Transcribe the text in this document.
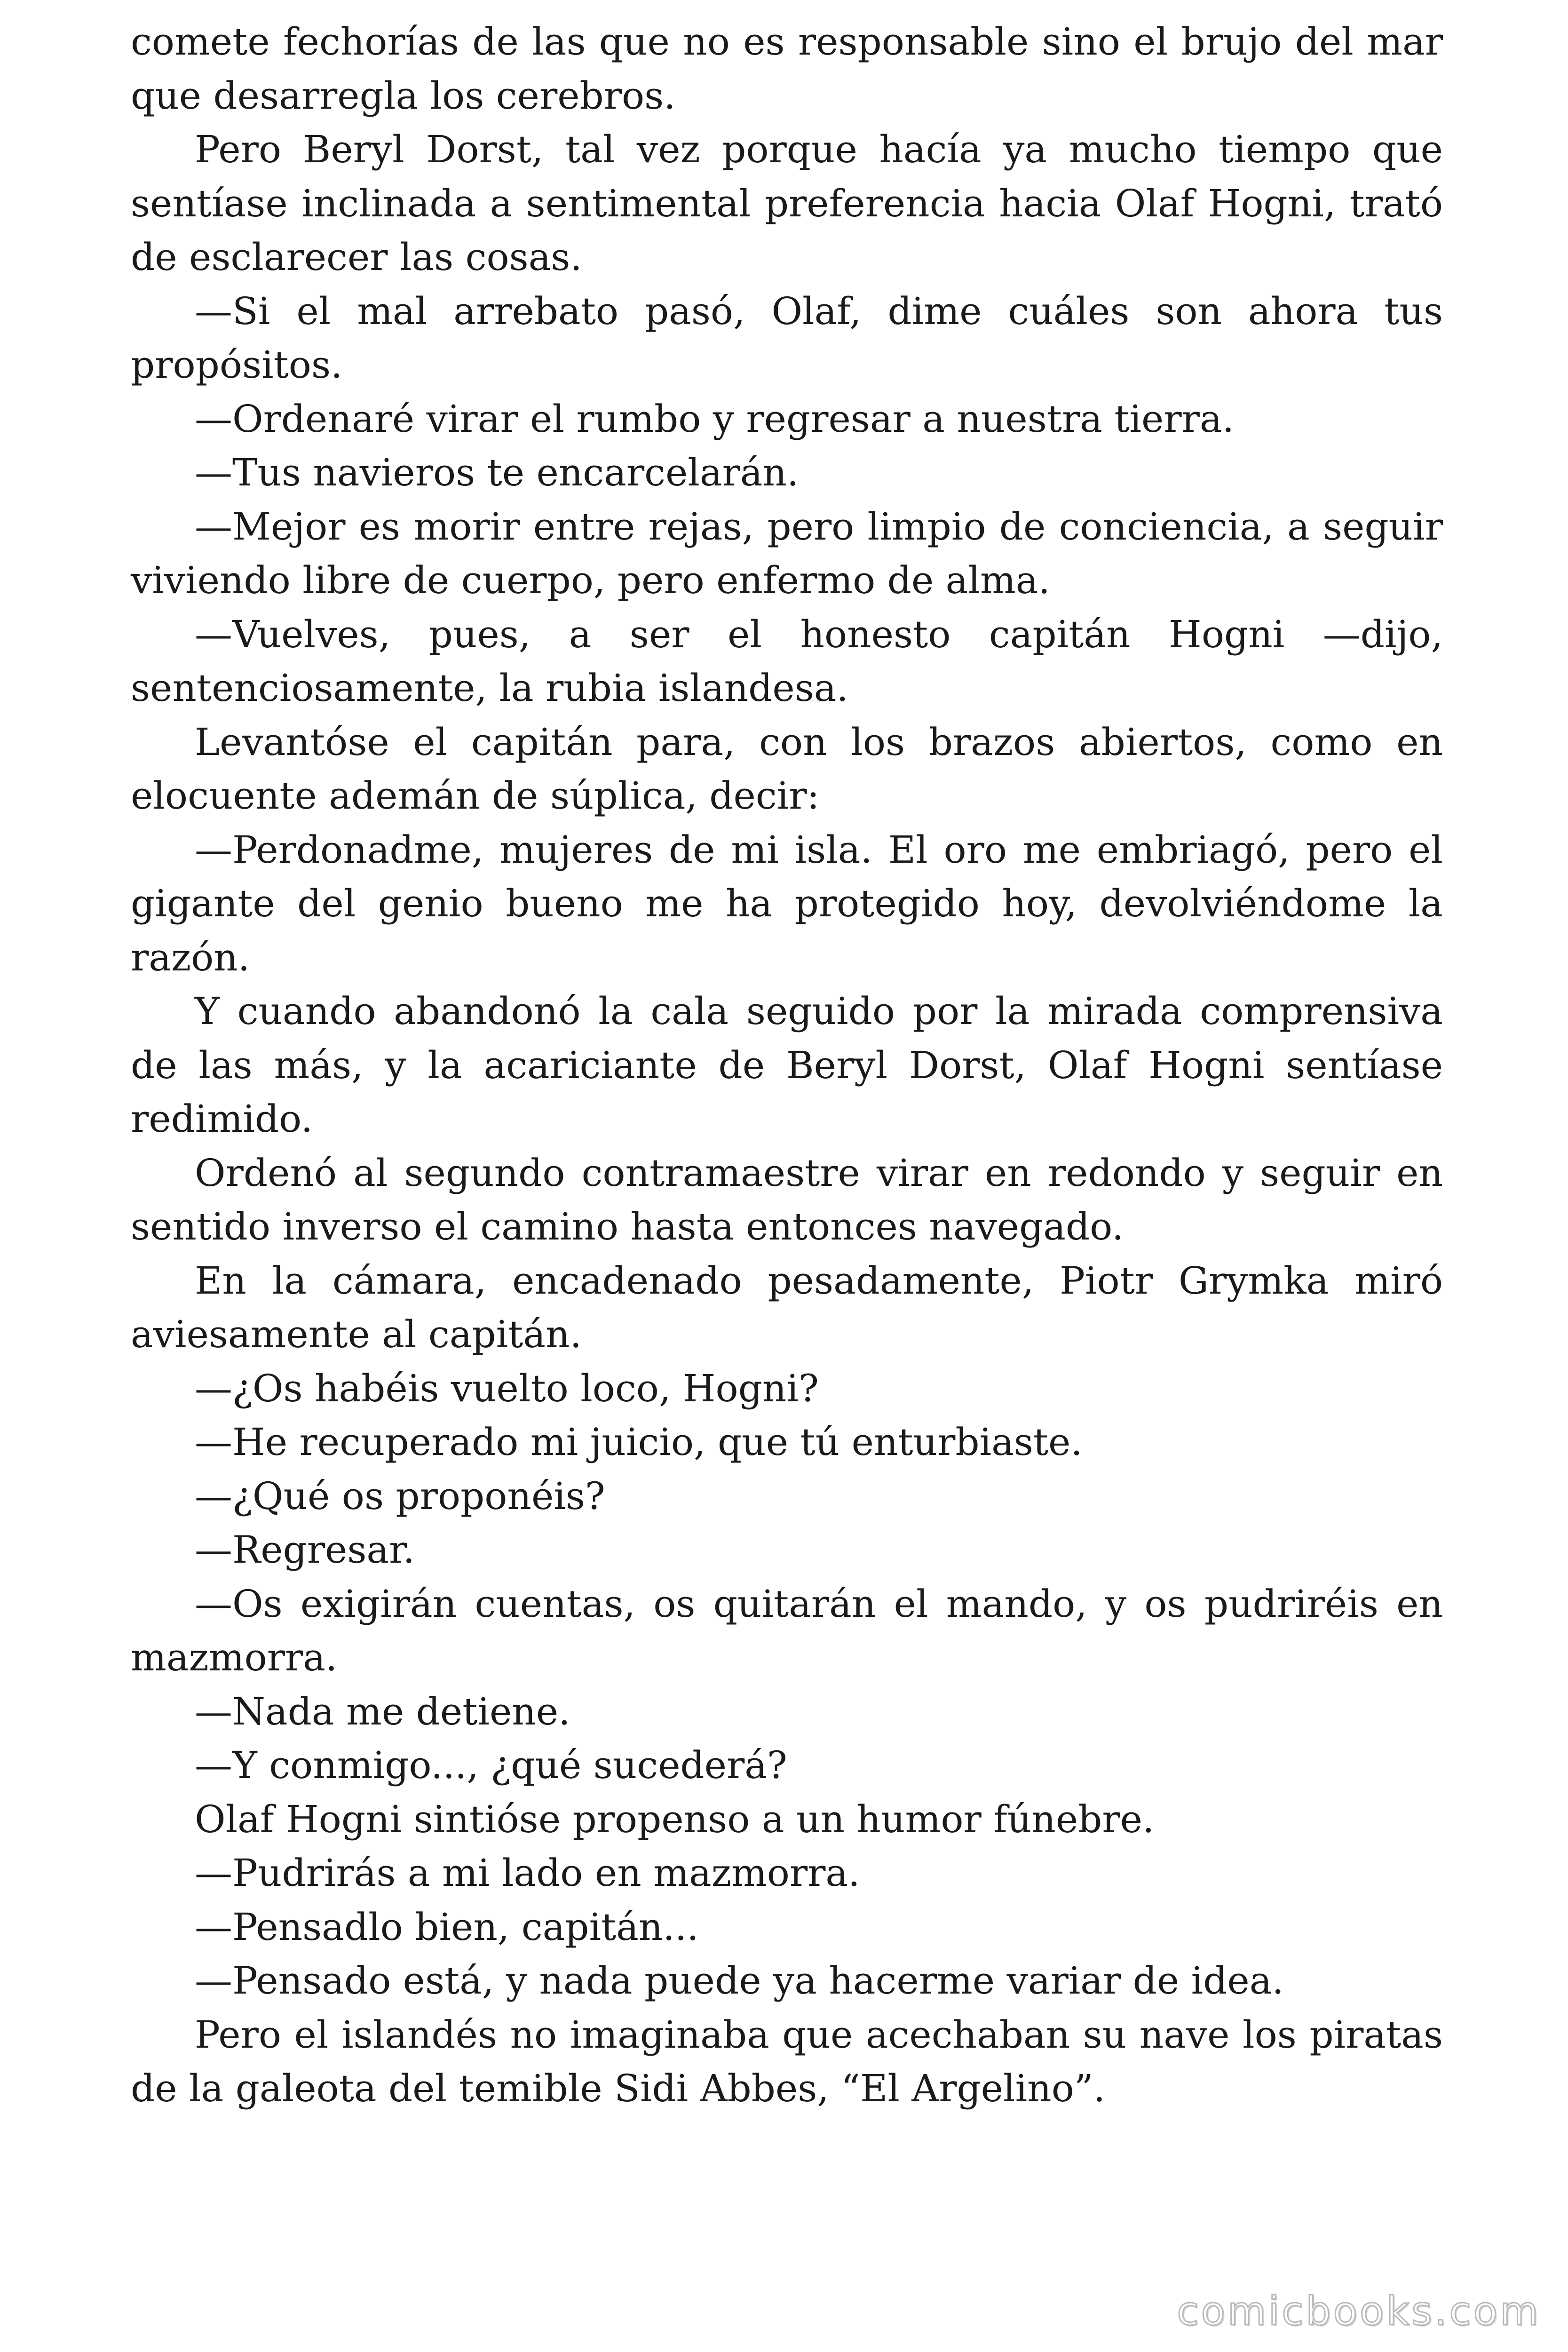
comete fechorías de las que no es responsable sino el brujo del mar que desarregla los cerebros.

Pero Beryl Dorst, tal vez porque hacía ya mucho tiempo que sentíase inclinada a sentimental preferencia hacia Olaf Hogni, trató de esclarecer las cosas.

—Si el mal arrebato pasó, Olaf, dime cuáles son ahora tus propósitos.

—Ordenaré virar el rumbo y regresar a nuestra tierra.

—Tus navieros te encarcelarán.

—Mejor es morir entre rejas, pero limpio de conciencia, a seguir viviendo libre de cuerpo, pero enfermo de alma.

—Vuelves, pues, a ser el honesto capitán Hogni —dijo, sentenciosamente, la rubia islandesa.

Levantóse el capitán para, con los brazos abiertos, como en elocuente ademán de súplica, decir:

—Perdonadme, mujeres de mi isla. El oro me embriagó, pero el gigante del genio bueno me ha protegido hoy, devolviéndome la razón.

Y cuando abandonó la cala seguido por la mirada comprensiva de las más, y la acariciante de Beryl Dorst, Olaf Hogni sentíase redimido.

Ordenó al segundo contramaestre virar en redondo y seguir en sentido inverso el camino hasta entonces navegado.

En la cámara, encadenado pesadamente, Piotr Grymka miró aviesamente al capitán.

—¿Os habéis vuelto loco, Hogni?

—He recuperado mi juicio, que tú enturbiaste.

—¿Qué os proponéis?

—Regresar.

—Os exigirán cuentas, os quitarán el mando, y os pudriréis en mazmorra.

—Nada me detiene.

—Y conmigo..., ¿qué sucederá?

Olaf Hogni sintióse propenso a un humor fúnebre.

—Pudrirás a mi lado en mazmorra.

—Pensadlo bien, capitán...

—Pensado está, y nada puede ya hacerme variar de idea.

Pero el islandés no imaginaba que acechaban su nave los piratas de la galeota del temible Sidi Abbes, “El Argelino”.

comicbooks.com
